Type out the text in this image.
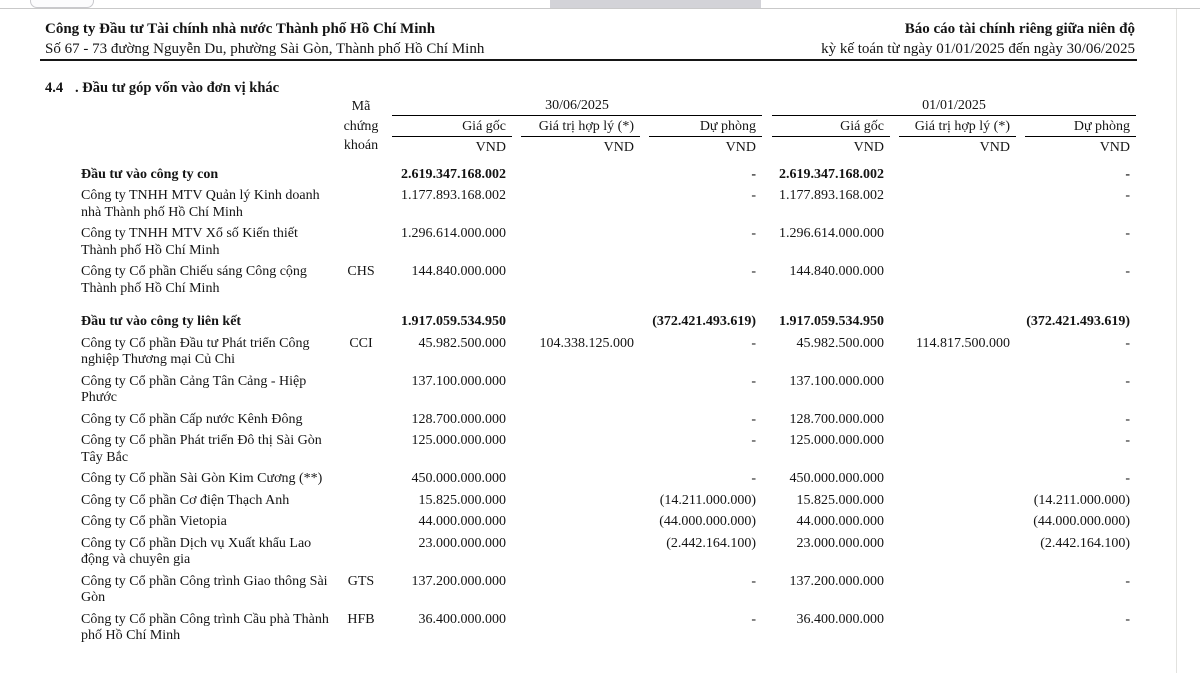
Công ty Đầu tư Tài chính nhà nước Thành phố Hồ Chí Minh
Số 67 - 73 đường Nguyễn Du, phường Sài Gòn, Thành phố Hồ Chí Minh
Báo cáo tài chính riêng giữa niên độ
kỳ kế toán từ ngày 01/01/2025 đến ngày 30/06/2025
4.4 . Đầu tư góp vốn vào đơn vị khác

	Mã
chứng
khoán	30/06/2025				01/01/2025		

		Giá gốc	Giá trị hợp lý (*)	Dự phòng		Giá gốc	Giá trị hợp lý (*)	Dự phòng

		VND	VND	VND		VND	VND	VND
Đầu tư vào công ty con		2.619.347.168.002		-		2.619.347.168.002		-
Công ty TNHH MTV Quản lý Kinh doanh nhà Thành phố Hồ Chí Minh		1.177.893.168.002		-		1.177.893.168.002		-
Công ty TNHH MTV Xổ số Kiến thiết Thành phố Hồ Chí Minh		1.296.614.000.000		-		1.296.614.000.000		-
Công ty Cổ phần Chiếu sáng Công cộng Thành phố Hồ Chí Minh	CHS	144.840.000.000		-		144.840.000.000		-
Đầu tư vào công ty liên kết		1.917.059.534.950		(372.421.493.619)		1.917.059.534.950		(372.421.493.619)
Công ty Cổ phần Đầu tư Phát triển Công nghiệp Thương mại Củ Chi	CCI	45.982.500.000	104.338.125.000	-		45.982.500.000	114.817.500.000	-
Công ty Cổ phần Cảng Tân Cảng - Hiệp Phước		137.100.000.000		-		137.100.000.000		-
Công ty Cổ phần Cấp nước Kênh Đông		128.700.000.000		-		128.700.000.000		-
Công ty Cổ phần Phát triển Đô thị Sài Gòn Tây Bắc		125.000.000.000		-		125.000.000.000		-
Công ty Cổ phần Sài Gòn Kim Cương (**)		450.000.000.000		-		450.000.000.000		-
Công ty Cổ phần Cơ điện Thạch Anh		15.825.000.000		(14.211.000.000)		15.825.000.000		(14.211.000.000)
Công ty Cổ phần Vietopia		44.000.000.000		(44.000.000.000)		44.000.000.000		(44.000.000.000)
Công ty Cổ phần Dịch vụ Xuất khẩu Lao động và chuyên gia		23.000.000.000		(2.442.164.100)		23.000.000.000		(2.442.164.100)
Công ty Cổ phần Công trình Giao thông Sài Gòn	GTS	137.200.000.000		-		137.200.000.000		-
Công ty Cổ phần Công trình Cầu phà Thành phố Hồ Chí Minh	HFB	36.400.000.000		-		36.400.000.000		-
